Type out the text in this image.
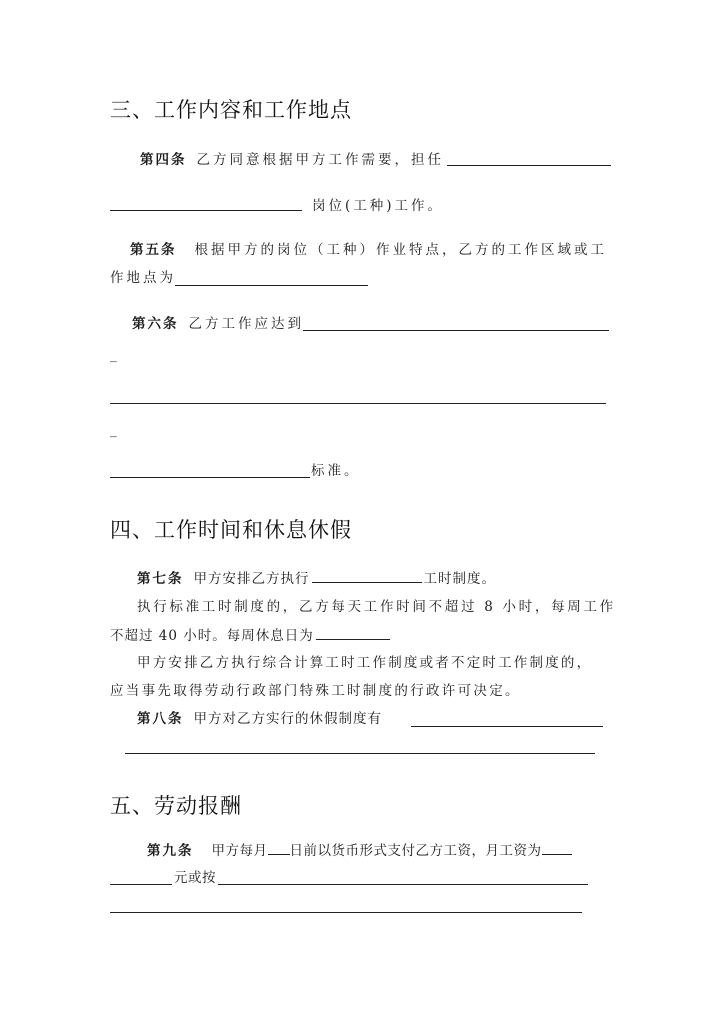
三、工作内容和工作地点
第四条 乙方同意根据甲方工作需要，担任
岗位(工种)工作。
第五条 根据甲方的岗位（工种）作业特点，乙方的工作区域或工
作地点为
第六条 乙方工作应达到
_
_
标准。
四、工作时间和休息休假
第七条 甲方安排乙方执行	工时制度。
执行标准工时制度的，乙方每天工作时间不超过 8 小时，每周工作
不超过 40 小时。每周休息日为
甲方安排乙方执行综合计算工时工作制度或者不定时工作制度的，
应当事先取得劳动行政部门特殊工时制度的行政许可决定。
第八条 甲方对乙方实行的休假制度有
五、劳动报酬
第九条 甲方每月 日前以货币形式支付乙方工资，月工资为
元或按
